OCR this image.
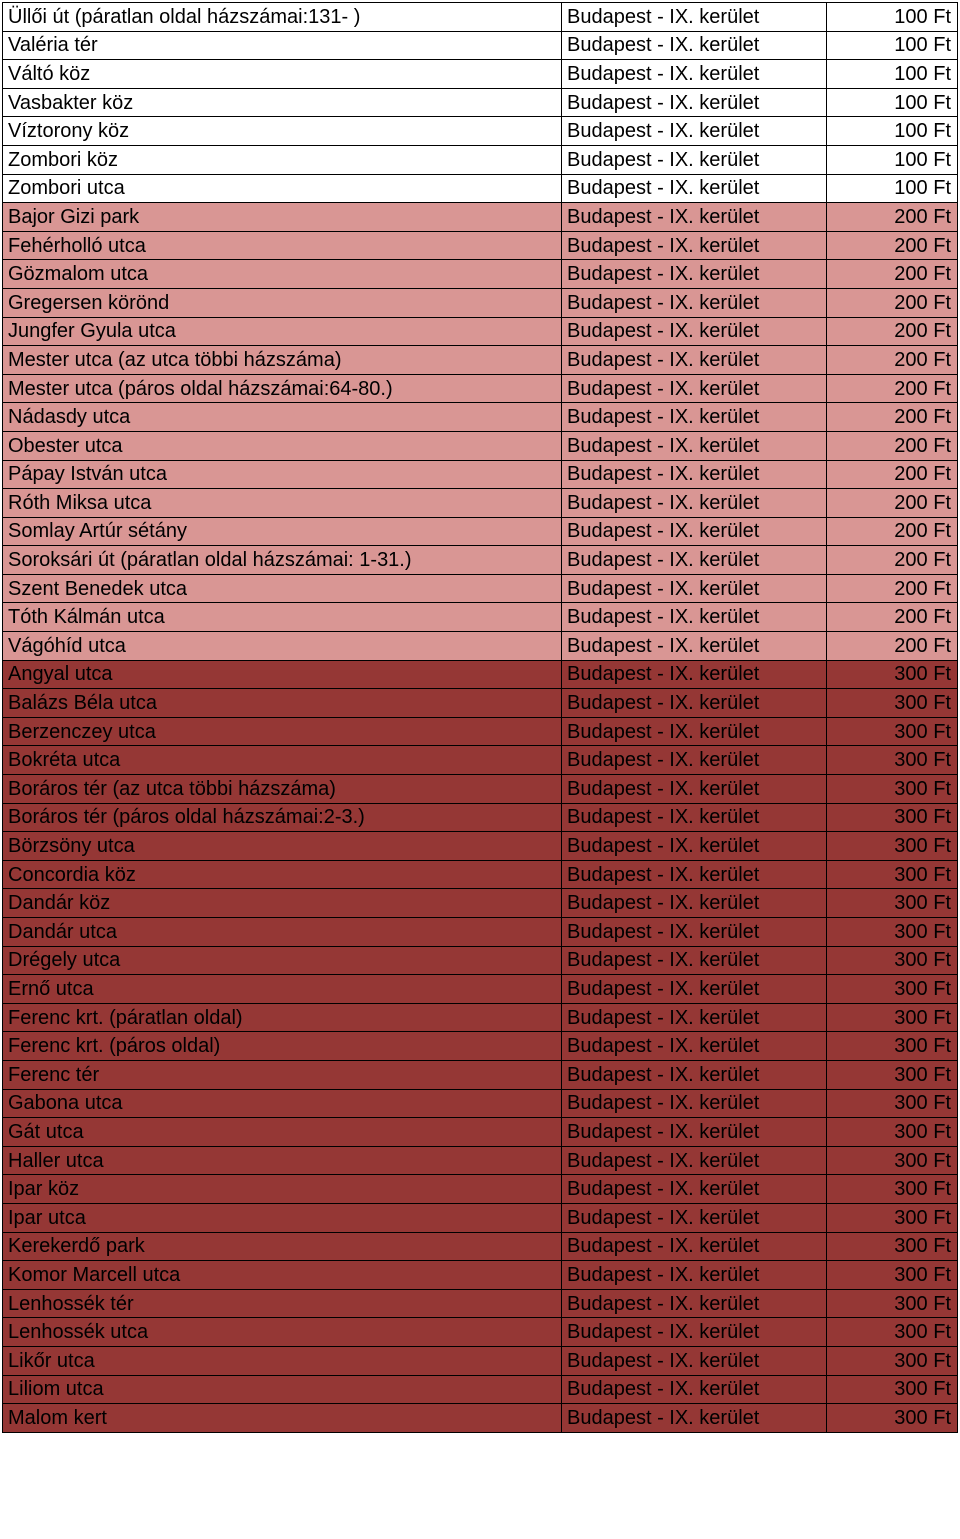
Üllői út (páratlan oldal házszámai:131- )	Budapest - IX. kerület	100 Ft
Valéria tér	Budapest - IX. kerület	100 Ft
Váltó köz	Budapest - IX. kerület	100 Ft
Vasbakter köz	Budapest - IX. kerület	100 Ft
Víztorony köz	Budapest - IX. kerület	100 Ft
Zombori köz	Budapest - IX. kerület	100 Ft
Zombori utca	Budapest - IX. kerület	100 Ft
Bajor Gizi park	Budapest - IX. kerület	200 Ft
Fehérholló utca	Budapest - IX. kerület	200 Ft
Gözmalom utca	Budapest - IX. kerület	200 Ft
Gregersen körönd	Budapest - IX. kerület	200 Ft
Jungfer Gyula utca	Budapest - IX. kerület	200 Ft
Mester utca (az utca többi házszáma)	Budapest - IX. kerület	200 Ft
Mester utca (páros oldal házszámai:64-80.)	Budapest - IX. kerület	200 Ft
Nádasdy utca	Budapest - IX. kerület	200 Ft
Obester utca	Budapest - IX. kerület	200 Ft
Pápay István utca	Budapest - IX. kerület	200 Ft
Róth Miksa utca	Budapest - IX. kerület	200 Ft
Somlay Artúr sétány	Budapest - IX. kerület	200 Ft
Soroksári út (páratlan oldal házszámai: 1-31.)	Budapest - IX. kerület	200 Ft
Szent Benedek utca	Budapest - IX. kerület	200 Ft
Tóth Kálmán utca	Budapest - IX. kerület	200 Ft
Vágóhíd utca	Budapest - IX. kerület	200 Ft
Angyal utca	Budapest - IX. kerület	300 Ft
Balázs Béla utca	Budapest - IX. kerület	300 Ft
Berzenczey utca	Budapest - IX. kerület	300 Ft
Bokréta utca	Budapest - IX. kerület	300 Ft
Boráros tér (az utca többi házszáma)	Budapest - IX. kerület	300 Ft
Boráros tér (páros oldal házszámai:2-3.)	Budapest - IX. kerület	300 Ft
Börzsöny utca	Budapest - IX. kerület	300 Ft
Concordia köz	Budapest - IX. kerület	300 Ft
Dandár köz	Budapest - IX. kerület	300 Ft
Dandár utca	Budapest - IX. kerület	300 Ft
Drégely utca	Budapest - IX. kerület	300 Ft
Ernő utca	Budapest - IX. kerület	300 Ft
Ferenc krt. (páratlan oldal)	Budapest - IX. kerület	300 Ft
Ferenc krt. (páros oldal)	Budapest - IX. kerület	300 Ft
Ferenc tér	Budapest - IX. kerület	300 Ft
Gabona utca	Budapest - IX. kerület	300 Ft
Gát utca	Budapest - IX. kerület	300 Ft
Haller utca	Budapest - IX. kerület	300 Ft
Ipar köz	Budapest - IX. kerület	300 Ft
Ipar utca	Budapest - IX. kerület	300 Ft
Kerekerdő park	Budapest - IX. kerület	300 Ft
Komor Marcell utca	Budapest - IX. kerület	300 Ft
Lenhossék tér	Budapest - IX. kerület	300 Ft
Lenhossék utca	Budapest - IX. kerület	300 Ft
Likőr utca	Budapest - IX. kerület	300 Ft
Liliom utca	Budapest - IX. kerület	300 Ft
Malom kert	Budapest - IX. kerület	300 Ft
